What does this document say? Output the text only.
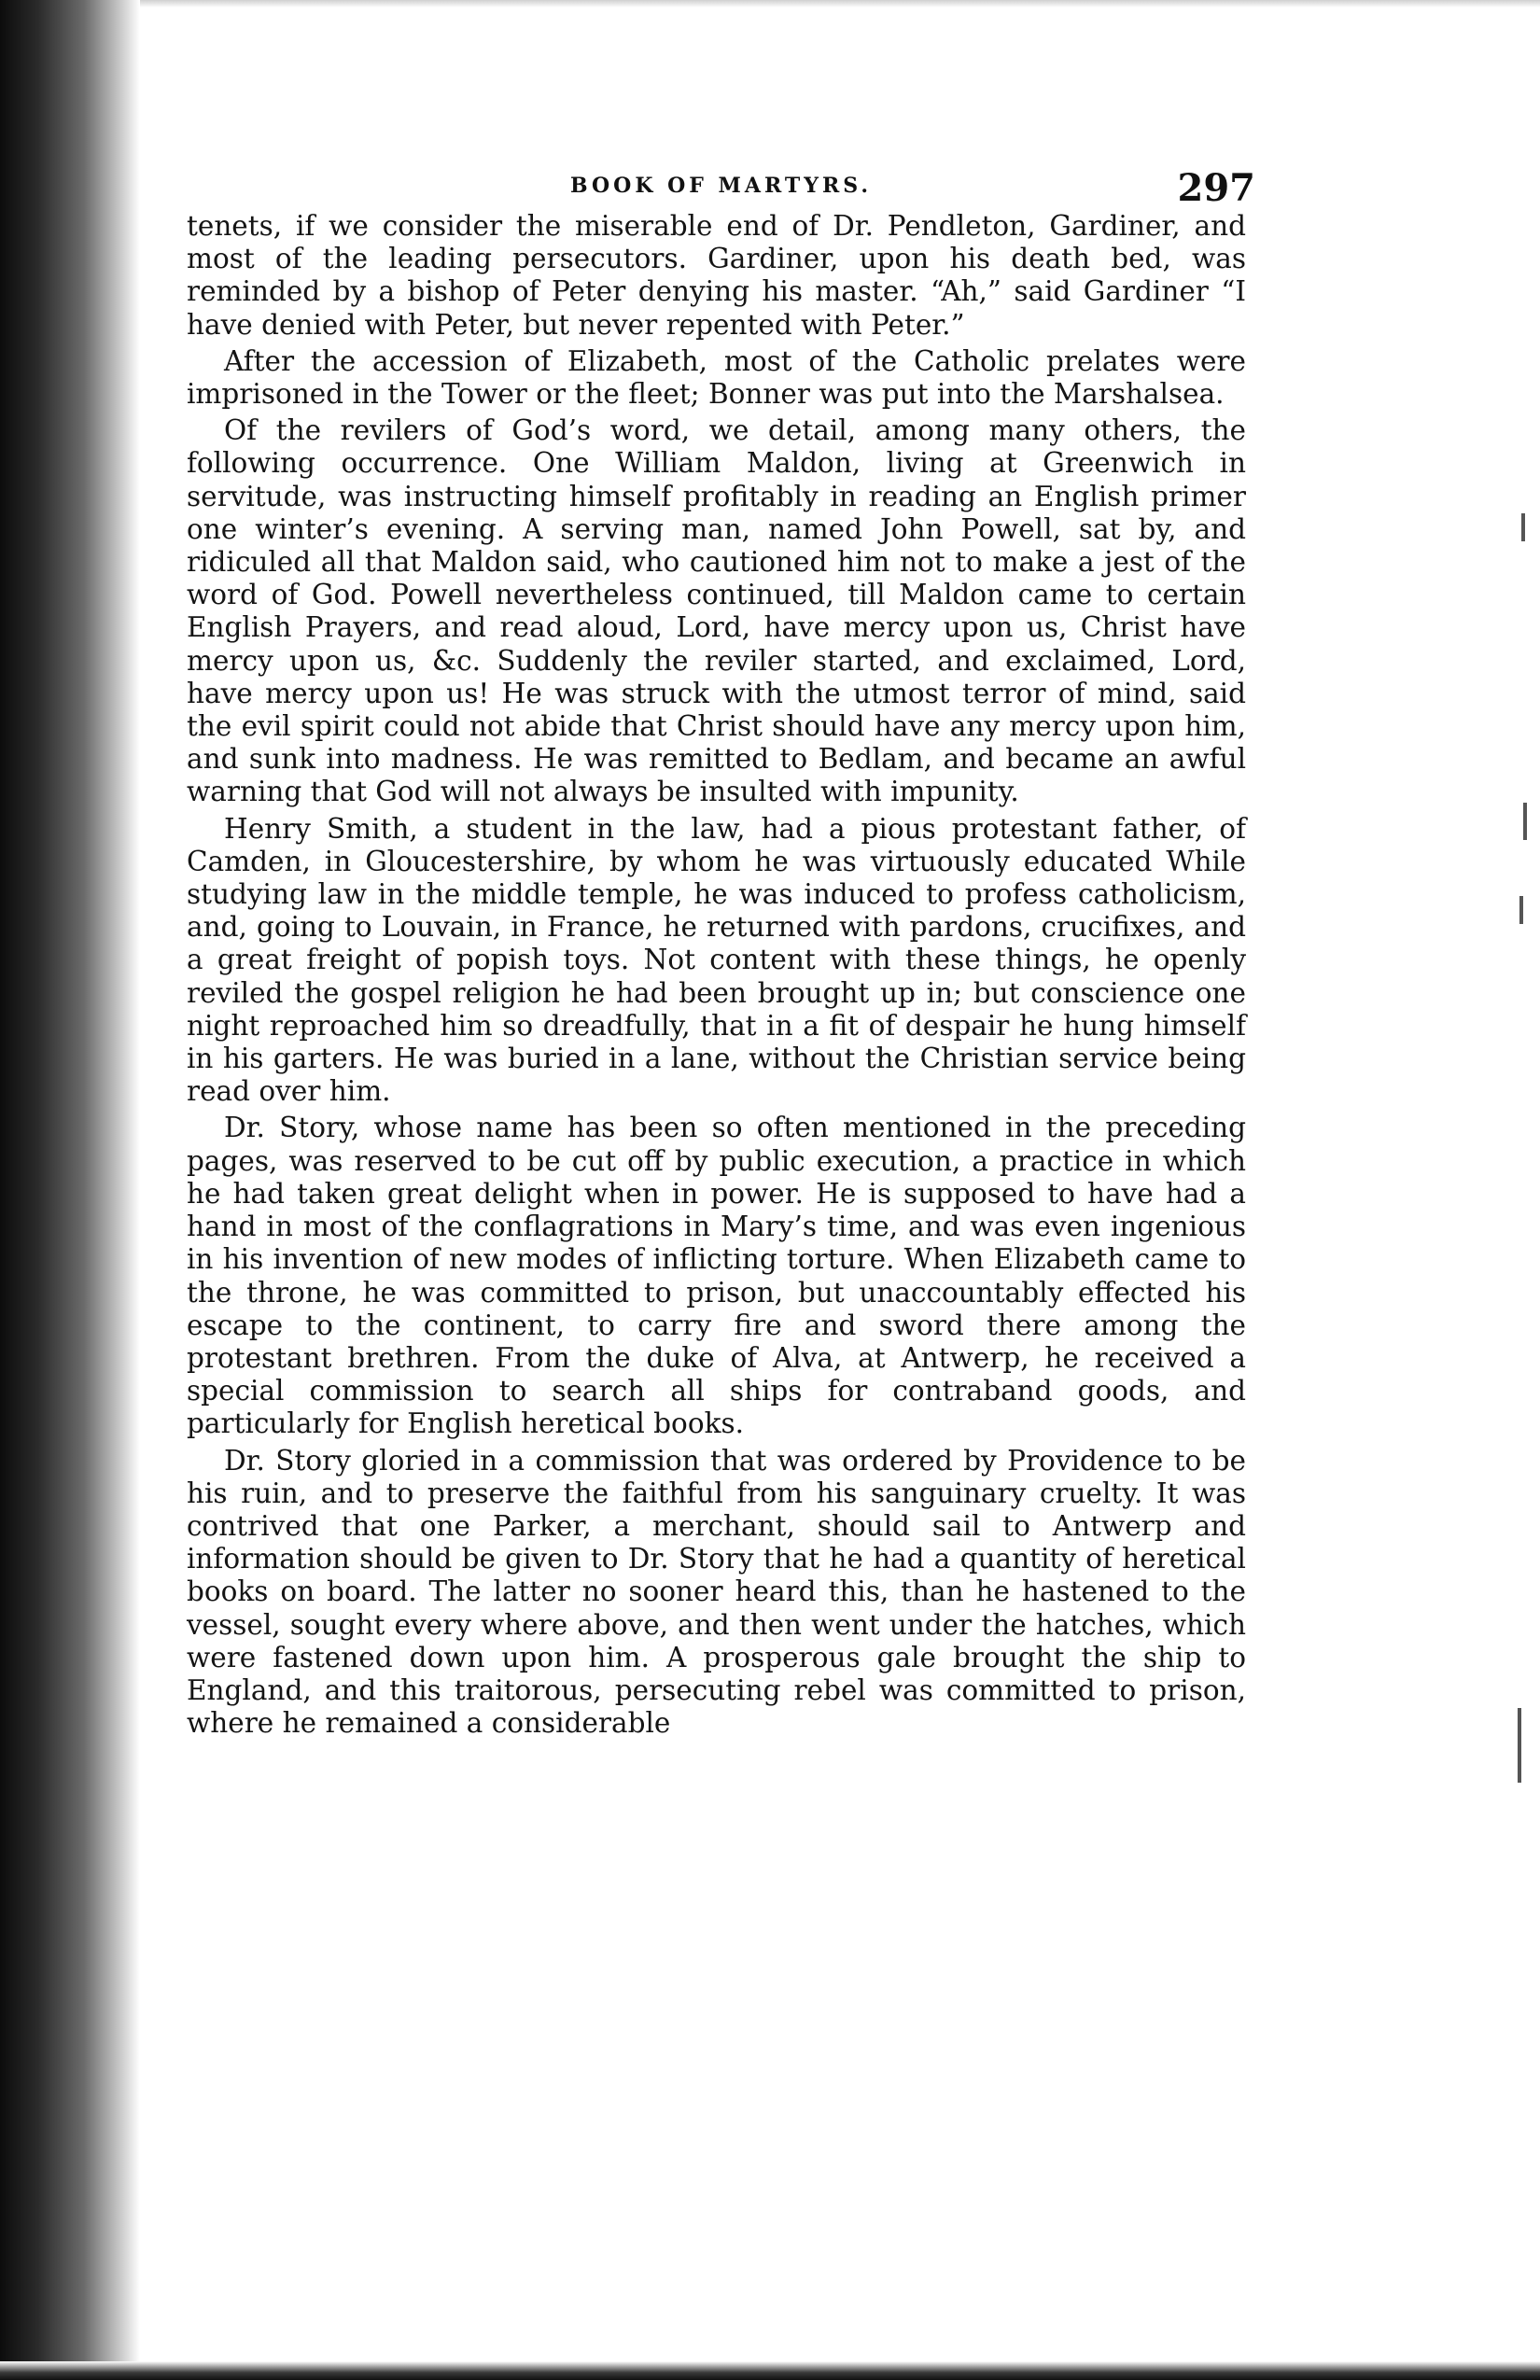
BOOK OF MARTYRS.	297

tenets, if we consider the miserable end of Dr. Pendleton, Gardiner, and most of the leading persecutors. Gardiner, upon his death bed, was reminded by a bishop of Peter denying his master. “Ah,” said Gardiner “I have denied with Peter, but never repented with Peter.”

After the accession of Elizabeth, most of the Catholic prelates were imprisoned in the Tower or the fleet; Bonner was put into the Marshalsea.

Of the revilers of God’s word, we detail, among many others, the following occurrence. One William Maldon, living at Greenwich in servitude, was instructing himself profitably in reading an English primer one winter’s evening. A serving man, named John Powell, sat by, and ridiculed all that Maldon said, who cautioned him not to make a jest of the word of God. Powell nevertheless continued, till Maldon came to certain English Prayers, and read aloud, Lord, have mercy upon us, Christ have mercy upon us, &c. Suddenly the reviler started, and exclaimed, Lord, have mercy upon us! He was struck with the utmost terror of mind, said the evil spirit could not abide that Christ should have any mercy upon him, and sunk into madness. He was remitted to Bedlam, and became an awful warning that God will not always be insulted with impunity.

Henry Smith, a student in the law, had a pious protestant father, of Camden, in Gloucestershire, by whom he was virtuously educated While studying law in the middle temple, he was induced to profess catholicism, and, going to Louvain, in France, he returned with pardons, crucifixes, and a great freight of popish toys. Not content with these things, he openly reviled the gospel religion he had been brought up in; but conscience one night reproached him so dreadfully, that in a fit of despair he hung himself in his garters. He was buried in a lane, without the Christian service being read over him.

Dr. Story, whose name has been so often mentioned in the preceding pages, was reserved to be cut off by public execution, a practice in which he had taken great delight when in power. He is supposed to have had a hand in most of the conflagrations in Mary’s time, and was even ingenious in his invention of new modes of inflicting torture. When Elizabeth came to the throne, he was committed to prison, but unaccountably effected his escape to the continent, to carry fire and sword there among the protestant brethren. From the duke of Alva, at Antwerp, he received a special commission to search all ships for contraband goods, and particularly for English heretical books.

Dr. Story gloried in a commission that was ordered by Providence to be his ruin, and to preserve the faithful from his sanguinary cruelty. It was contrived that one Parker, a merchant, should sail to Antwerp and information should be given to Dr. Story that he had a quantity of heretical books on board. The latter no sooner heard this, than he hastened to the vessel, sought every where above, and then went under the hatches, which were fastened down upon him. A prosperous gale brought the ship to England, and this traitorous, persecuting rebel was committed to prison, where he remained a considerable
